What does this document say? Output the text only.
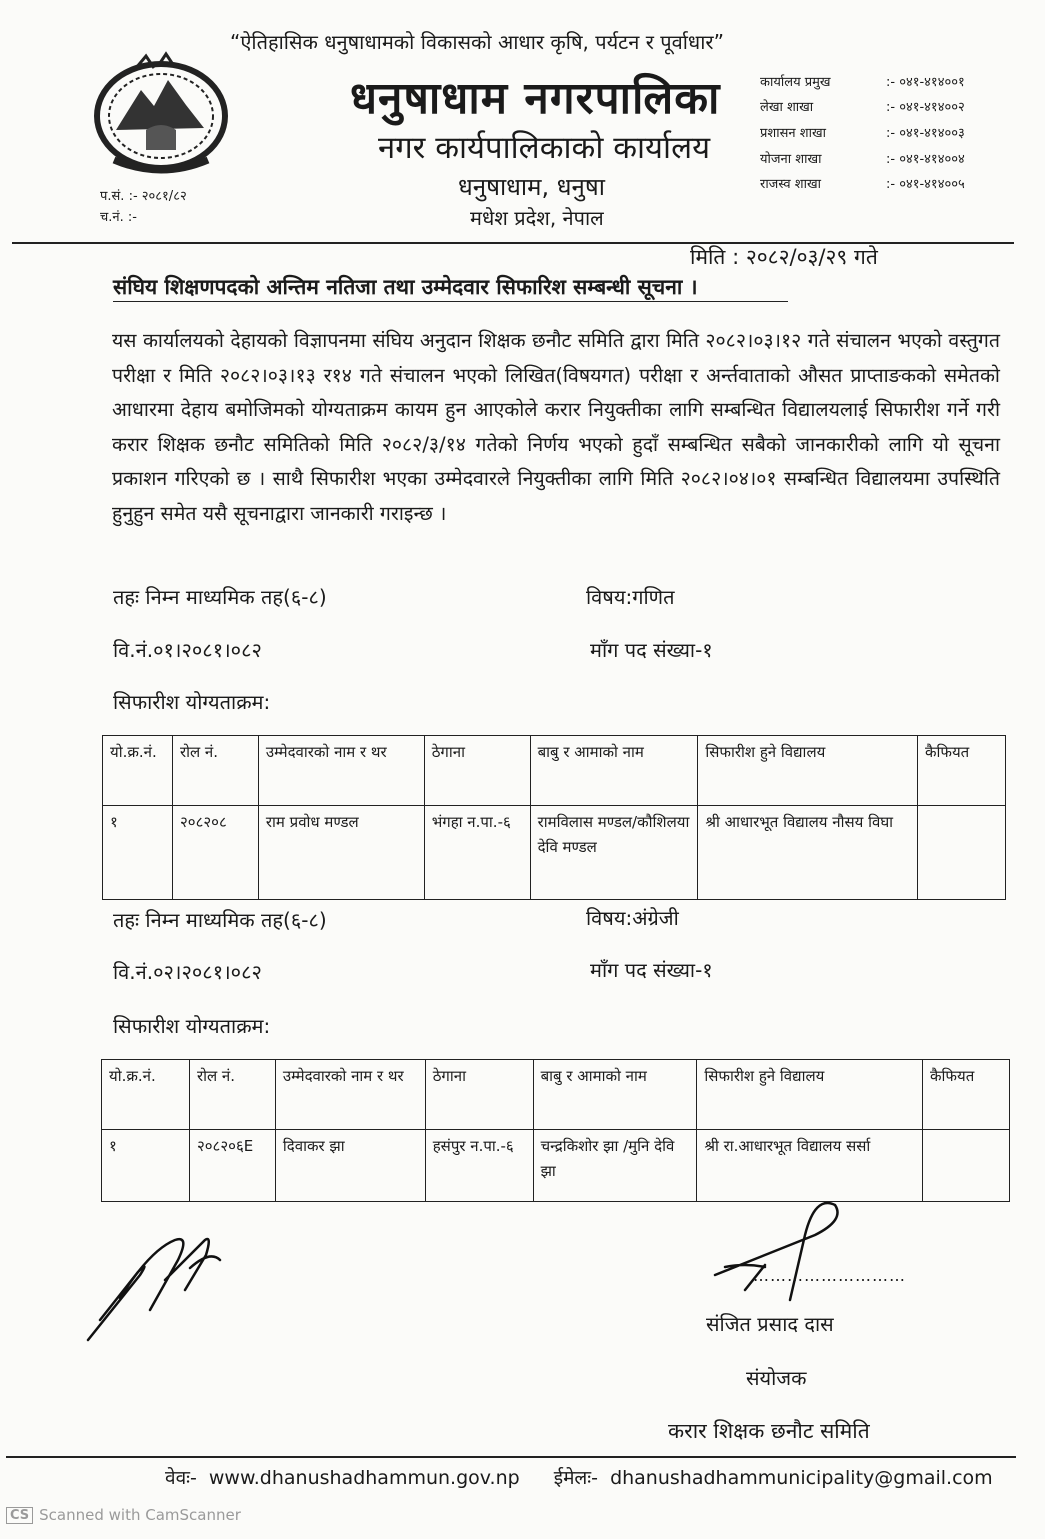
“ऐतिहासिक धनुषाधामको विकासको आधार कृषि, पर्यटन र पूर्वाधार”
धनुषाधाम नगरपालिका
नगर कार्यपालिकाको कार्यालय
धनुषाधाम, धनुषा
मधेश प्रदेश, नेपाल
प.सं. :- २०८१/८२
च.नं. :-
कार्यालय प्रमुख	:- ०४१-४१४००१
लेखा शाखा	:- ०४१-४१४००२
प्रशासन शाखा	:- ०४१-४१४००३
योजना शाखा	:- ०४१-४१४००४
राजस्व शाखा	:- ०४१-४१४००५
मिति : २०८२/०३/२९ गते
संघिय शिक्षणपदको अन्तिम नतिजा तथा उम्मेदवार सिफारिश सम्बन्धी सूचना ।
यस कार्यालयको देहायको विज्ञापनमा संघिय अनुदान शिक्षक छनौट समिति द्वारा मिति २०८२।०३।१२ गते संचालन भएको वस्तुगत परीक्षा र मिति २०८२।०३।१३ र१४ गते संचालन भएको लिखित(विषयगत) परीक्षा र अर्न्तवाताको औसत प्राप्ताङकको समेतको आधारमा देहाय बमोजिमको योग्यताक्रम कायम हुन आएकोले करार नियुक्तीका लागि सम्बन्धित विद्यालयलाई सिफारीश गर्ने गरी करार शिक्षक छनौट समितिको मिति २०८२/३/१४ गतेको निर्णय भएको हुदाँ सम्बन्धित सबैको जानकारीको लागि यो सूचना प्रकाशन गरिएको छ । साथै सिफारीश भएका उम्मेदवारले नियुक्तीका लागि मिति २०८२।०४।०१ सम्बन्धित विद्यालयमा उपस्थिति हुनुहुन समेत यसै सूचनाद्वारा जानकारी गराइन्छ ।
तहः निम्न माध्यमिक तह(६-८)	विषय:गणित
वि.नं.०१।२०८१।०८२	माँग पद संख्या-१
सिफारीश योग्यताक्रम:
यो.क्र.नं.	रोल नं.	उम्मेदवारको नाम र थर	ठेगाना	बाबु र आमाको नाम	सिफारीश हुने विद्यालय	कैफियत
१	२०८२०८	राम प्रवोध मण्डल	भंगहा न.पा.-६	रामविलास मण्डल/कौशिलया देवि मण्डल	श्री आधारभूत विद्यालय नौसय विघा	
तहः निम्न माध्यमिक तह(६-८)	विषय:अंग्रेजी
वि.नं.०२।२०८१।०८२	माँग पद संख्या-१
सिफारीश योग्यताक्रम:
यो.क्र.नं.	रोल नं.	उम्मेदवारको नाम र थर	ठेगाना	बाबु र आमाको नाम	सिफारीश हुने विद्यालय	कैफियत
१	२०८२०६E	दिवाकर झा	हसंपुर न.पा.-६	चन्द्रकिशोर झा /मुनि देवि झा	श्री रा.आधारभूत विद्यालय सर्सा	
………………………
संजित प्रसाद दास
संयोजक
करार शिक्षक छनौट समिति
वेवः- www.dhanushadhammun.gov.np ईमेलः- dhanushadhammunicipality@gmail.com
CS Scanned with CamScanner
